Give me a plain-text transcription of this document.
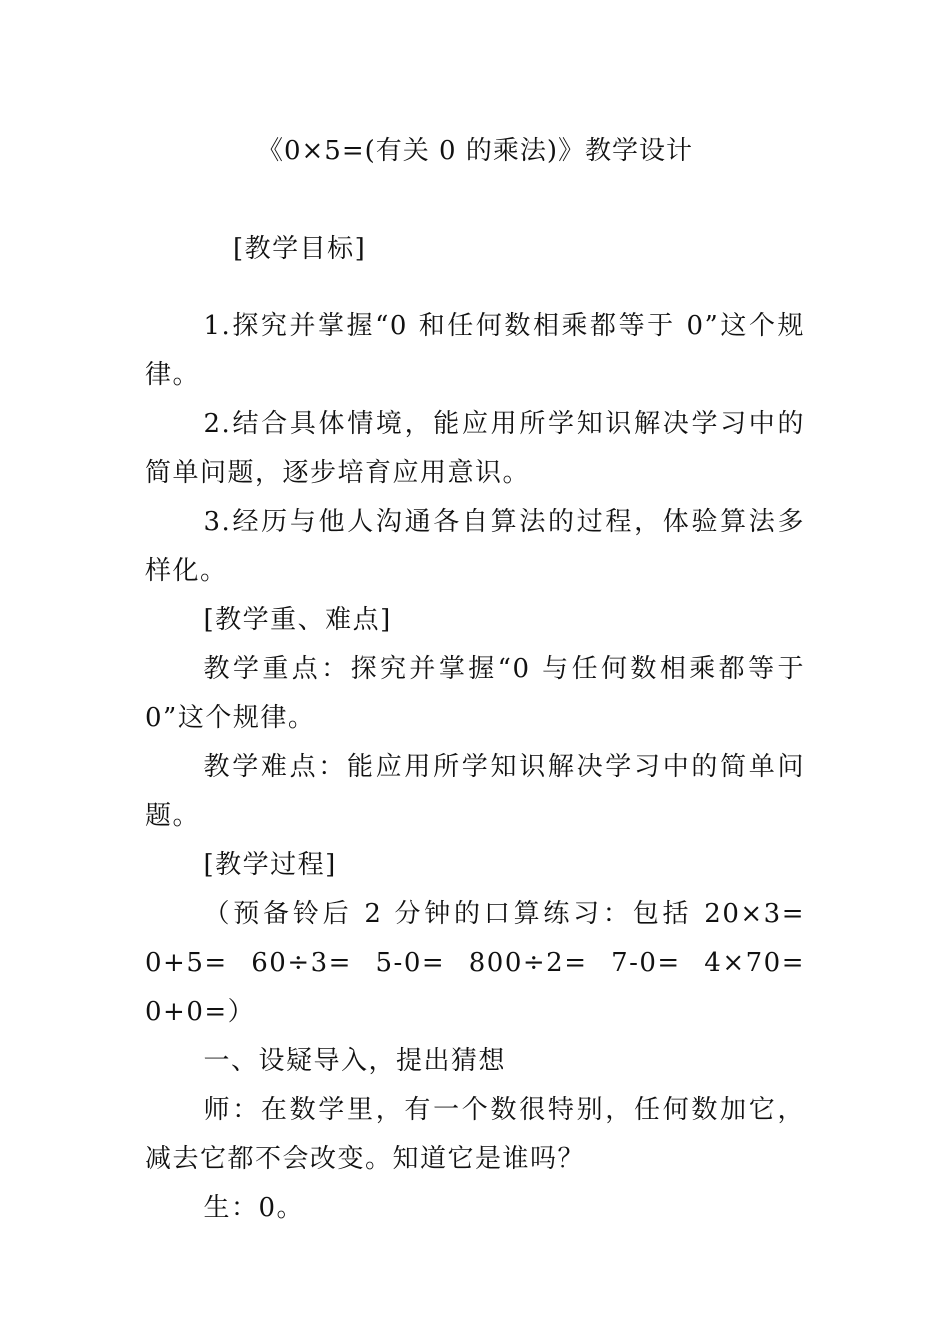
《0×5=(有关 0 的乘法)》教学设计
[教学目标]

1.探究并掌握“0 和任何数相乘都等于 0”这个规律。

2.结合具体情境，能应用所学知识解决学习中的简单问题，逐步培育应用意识。

3.经历与他人沟通各自算法的过程，体验算法多样化。

[教学重、难点]

教学重点：探究并掌握“0 与任何数相乘都等于 0”这个规律。

教学难点：能应用所学知识解决学习中的简单问题。

[教学过程]

（预备铃后 2 分钟的口算练习：包括 20×3= 0+5= 60÷3= 5-0= 800÷2= 7-0= 4×70= 0+0=）

一、设疑导入，提出猜想

师：在数学里，有一个数很特别，任何数加它，减去它都不会改变。知道它是谁吗？

生：0。
